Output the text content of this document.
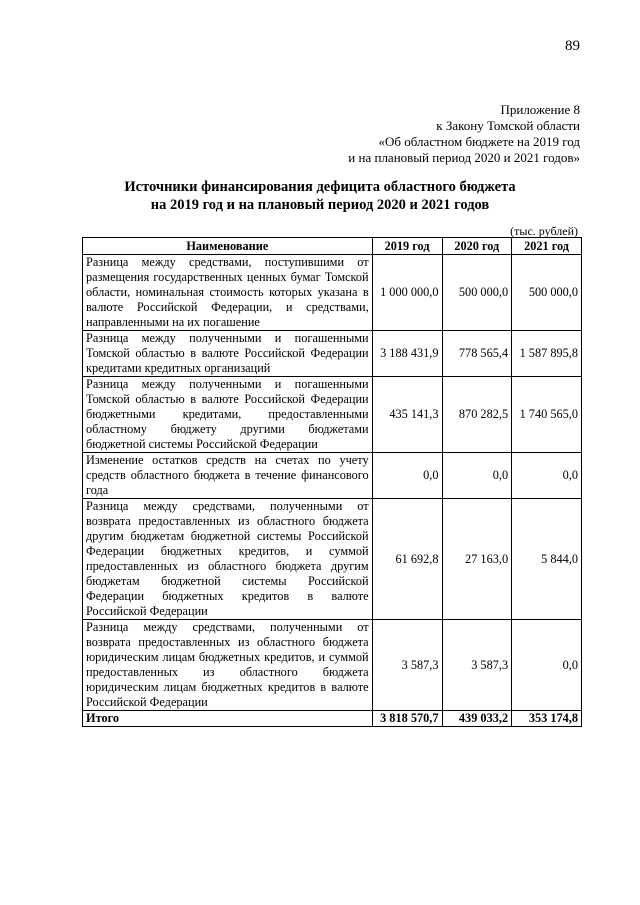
89
Приложение 8
к Закону Томской области
«Об областном бюджете на 2019 год
и на плановый период 2020 и 2021 годов»
Источники финансирования дефицита областного бюджета
на 2019 год и на плановый период 2020 и 2021 годов
(тыс. рублей)
Наименование	2019 год	2020 год	2021 год
Разница между средствами, поступившими от размещения государственных ценных бумаг Томской области, номинальная стоимость которых указана в валюте Российской Федерации, и средствами, направленными на их погашение	1 000 000,0	500 000,0	500 000,0
Разница между полученными и погашенными Томской областью в валюте Российской Федерации кредитами кредитных организаций	3 188 431,9	778 565,4	1 587 895,8
Разница между полученными и погашенными Томской областью в валюте Российской Федерации бюджетными кредитами, предоставленными областному бюджету другими бюджетами бюджетной системы Российской Федерации	435 141,3	870 282,5	1 740 565,0
Изменение остатков средств на счетах по учету средств областного бюджета в течение финансового года	0,0	0,0	0,0
Разница между средствами, полученными от возврата предоставленных из областного бюджета другим бюджетам бюджетной системы Российской Федерации бюджетных кредитов, и суммой предоставленных из областного бюджета другим бюджетам бюджетной системы Российской Федерации бюджетных кредитов в валюте Российской Федерации	61 692,8	27 163,0	5 844,0
Разница между средствами, полученными от возврата предоставленных из областного бюджета юридическим лицам бюджетных кредитов, и суммой предоставленных из областного бюджета юридическим лицам бюджетных кредитов в валюте Российской Федерации	3 587,3	3 587,3	0,0
Итого	3 818 570,7	439 033,2	353 174,8
